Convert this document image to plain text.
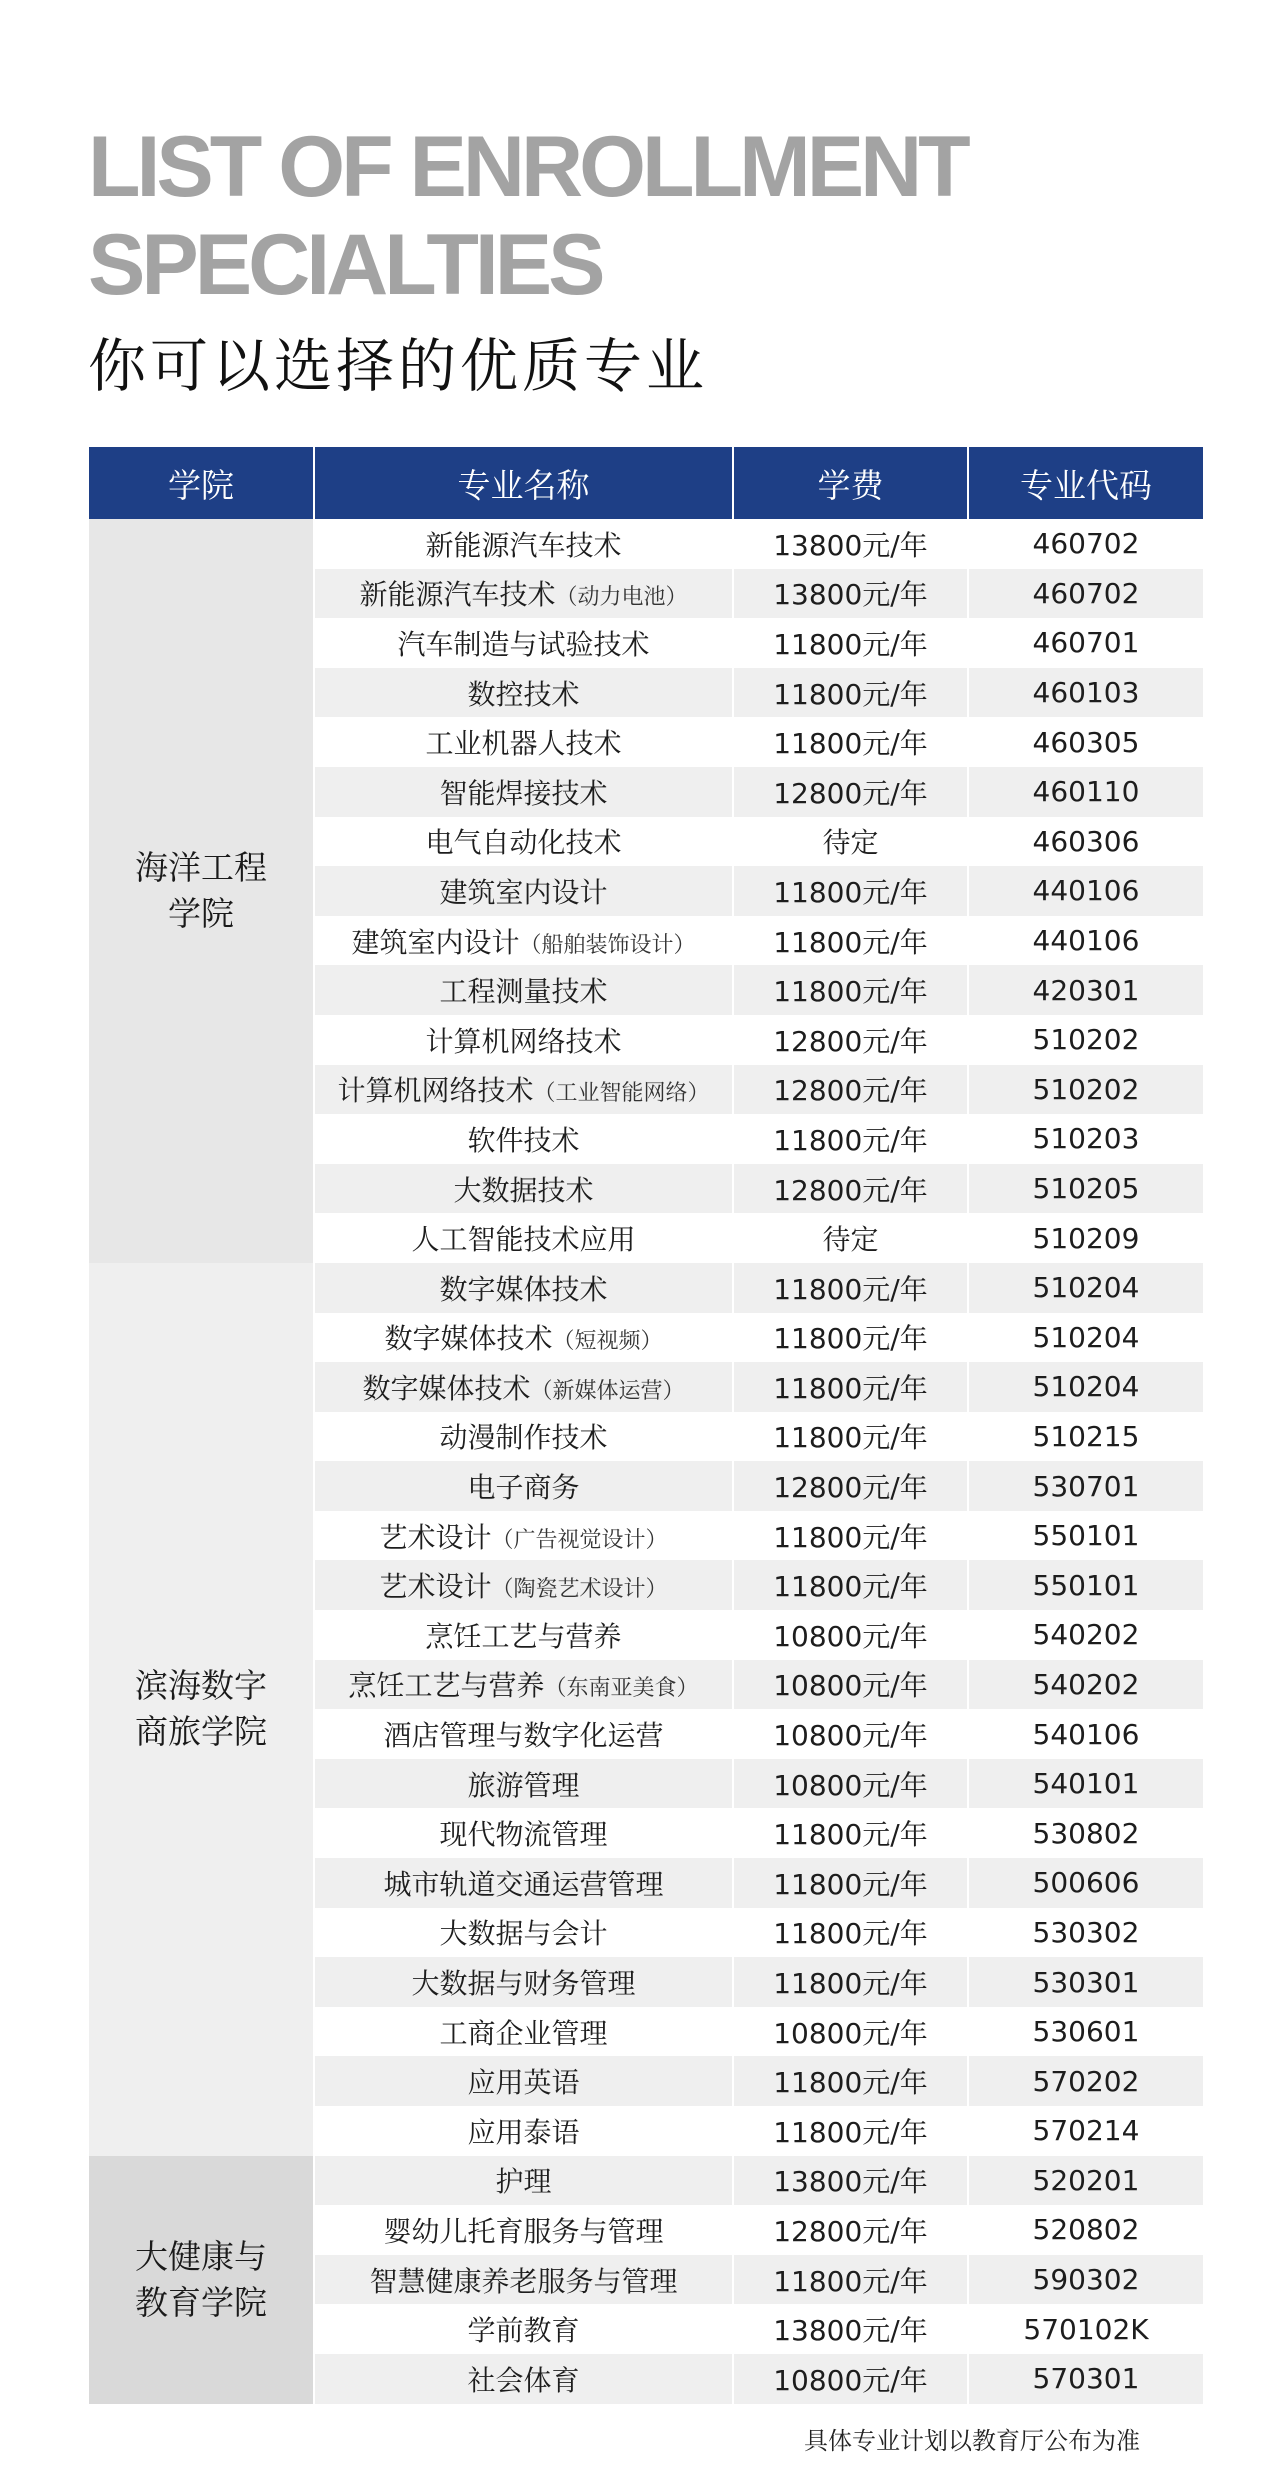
LIST OF ENROLLMENT
SPECIALTIES
你可以选择的优质专业
学院	专业名称	学费	专业代码

海洋工程
学院	新能源汽车技术	13800元/年	460702
	新能源汽车技术（动力电池）	13800元/年	460702
	汽车制造与试验技术	11800元/年	460701
	数控技术	11800元/年	460103
	工业机器人技术	11800元/年	460305
	智能焊接技术	12800元/年	460110
	电气自动化技术	待定	460306
	建筑室内设计	11800元/年	440106
	建筑室内设计（船舶装饰设计）	11800元/年	440106
	工程测量技术	11800元/年	420301
	计算机网络技术	12800元/年	510202
	计算机网络技术（工业智能网络）	12800元/年	510202
	软件技术	11800元/年	510203
	大数据技术	12800元/年	510205
	人工智能技术应用	待定	510209

滨海数字
商旅学院	数字媒体技术	11800元/年	510204
	数字媒体技术（短视频）	11800元/年	510204
	数字媒体技术（新媒体运营）	11800元/年	510204
	动漫制作技术	11800元/年	510215
	电子商务	12800元/年	530701
	艺术设计（广告视觉设计）	11800元/年	550101
	艺术设计（陶瓷艺术设计）	11800元/年	550101
	烹饪工艺与营养	10800元/年	540202
	烹饪工艺与营养（东南亚美食）	10800元/年	540202
	酒店管理与数字化运营	10800元/年	540106
	旅游管理	10800元/年	540101
	现代物流管理	11800元/年	530802
	城市轨道交通运营管理	11800元/年	500606
	大数据与会计	11800元/年	530302
	大数据与财务管理	11800元/年	530301
	工商企业管理	10800元/年	530601
	应用英语	11800元/年	570202
	应用泰语	11800元/年	570214

大健康与
教育学院	护理	13800元/年	520201
	婴幼儿托育服务与管理	12800元/年	520802
	智慧健康养老服务与管理	11800元/年	590302
	学前教育	13800元/年	570102K
	社会体育	10800元/年	570301
具体专业计划以教育厅公布为准
